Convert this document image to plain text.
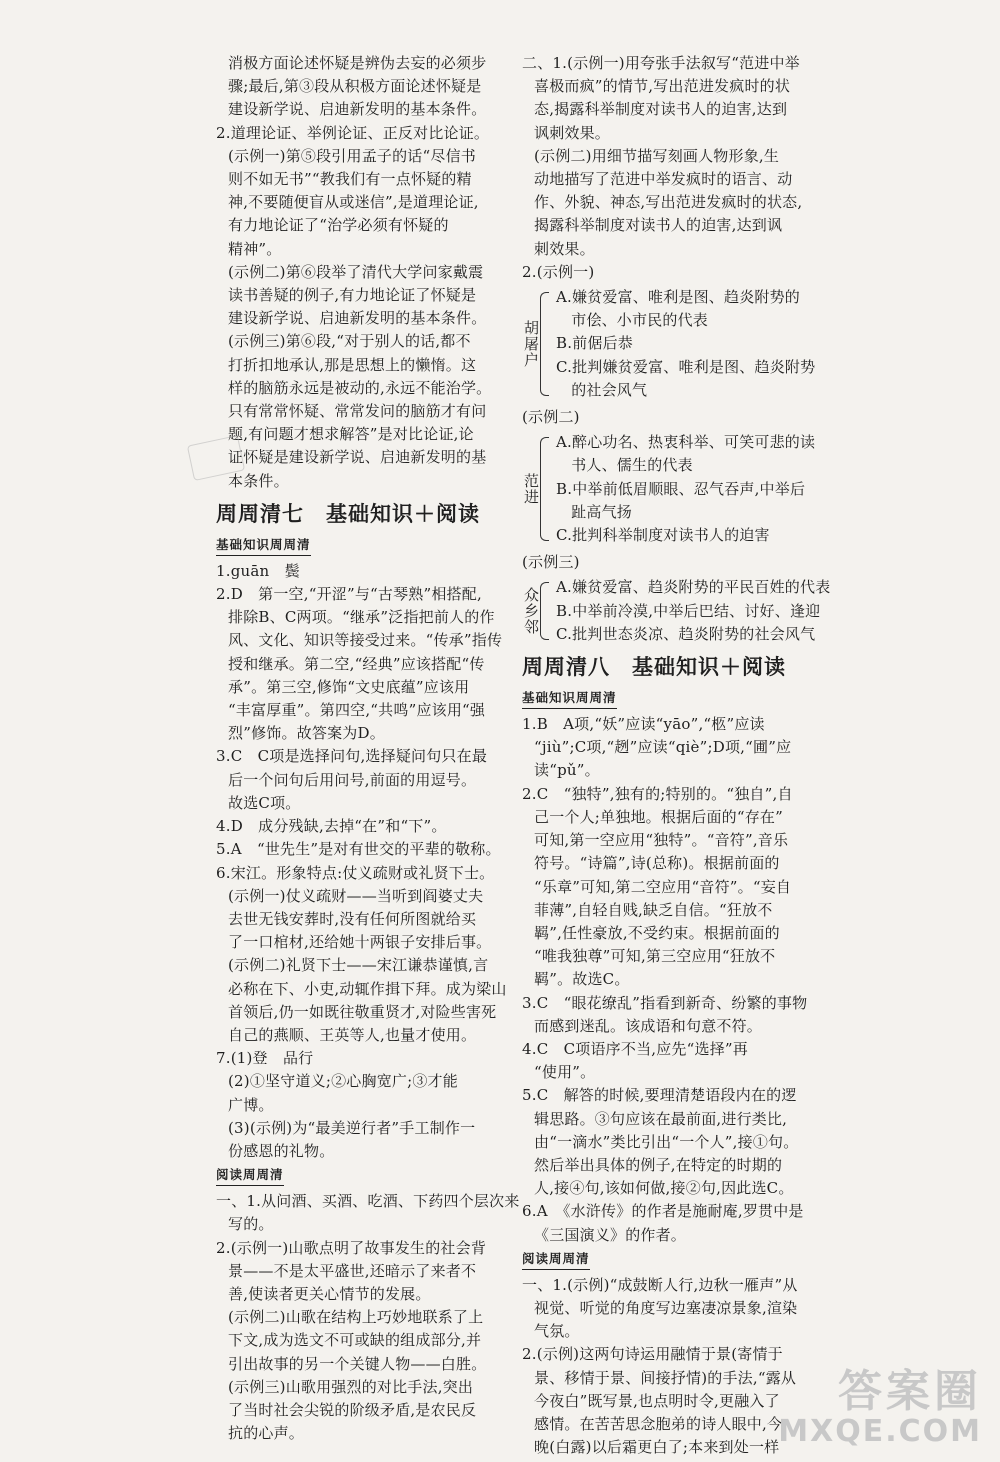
消极方面论述怀疑是辨伪去妄的必须步
骤;最后,第③段从积极方面论述怀疑是
建设新学说、启迪新发明的基本条件。
2.道理论证、举例论证、正反对比论证。
(示例一)第⑤段引用孟子的话“尽信书
则不如无书”“教我们有一点怀疑的精
神,不要随便盲从或迷信”,是道理论证,
有力地论证了“治学必须有怀疑的
精神”。
(示例二)第⑥段举了清代大学问家戴震
读书善疑的例子,有力地论证了怀疑是
建设新学说、启迪新发明的基本条件。
(示例三)第⑥段,“对于别人的话,都不
打折扣地承认,那是思想上的懒惰。这
样的脑筋永远是被动的,永远不能治学。
只有常常怀疑、常常发问的脑筋才有问
题,有问题才想求解答”是对比论证,论
证怀疑是建设新学说、启迪新发明的基
本条件。
周周清七　基础知识＋阅读
基础知识周周清
1.guān　鬓
2.D　第一空,“开涩”与“古琴熟”相搭配,
排除B、C两项。“继承”泛指把前人的作
风、文化、知识等接受过来。“传承”指传
授和继承。第二空,“经典”应该搭配“传
承”。第三空,修饰“文史底蕴”应该用
“丰富厚重”。第四空,“共鸣”应该用“强
烈”修饰。故答案为D。
3.C　C项是选择问句,选择疑问句只在最
后一个问句后用问号,前面的用逗号。
故选C项。
4.D　成分残缺,去掉“在”和“下”。
5.A　“世先生”是对有世交的平辈的敬称。
6.宋江。形象特点:仗义疏财或礼贤下士。
(示例一)仗义疏财——当听到阎婆丈夫
去世无钱安葬时,没有任何所图就给买
了一口棺材,还给她十两银子安排后事。
(示例二)礼贤下士——宋江谦恭谨慎,言
必称在下、小吏,动辄作揖下拜。成为梁山
首领后,仍一如既往敬重贤才,对险些害死
自己的燕顺、王英等人,也量才使用。
7.(1)登　品行
(2)①坚守道义;②心胸宽广;③才能
广博。
(3)(示例)为“最美逆行者”手工制作一
份感恩的礼物。
阅读周周清
一、1.从问酒、买酒、吃酒、下药四个层次来
写的。
2.(示例一)山歌点明了故事发生的社会背
景——不是太平盛世,还暗示了来者不
善,使读者更关心情节的发展。
(示例二)山歌在结构上巧妙地联系了上
下文,成为选文不可或缺的组成部分,并
引出故事的另一个关键人物——白胜。
(示例三)山歌用强烈的对比手法,突出
了当时社会尖锐的阶级矛盾,是农民反
抗的心声。
二、1.(示例一)用夸张手法叙写“范进中举
喜极而疯”的情节,写出范进发疯时的状
态,揭露科举制度对读书人的迫害,达到
讽刺效果。
(示例二)用细节描写刻画人物形象,生
动地描写了范进中举发疯时的语言、动
作、外貌、神态,写出范进发疯时的状态,
揭露科举制度对读书人的迫害,达到讽
刺效果。
2.(示例一)
胡屠户
A.嫌贫爱富、唯利是图、趋炎附势的
　市侩、小市民的代表
B.前倨后恭
C.批判嫌贫爱富、唯利是图、趋炎附势
　的社会风气
(示例二)
范进
A.醉心功名、热衷科举、可笑可悲的读
　书人、儒生的代表
B.中举前低眉顺眼、忍气吞声,中举后
　趾高气扬
C.批判科举制度对读书人的迫害
(示例三)
众乡邻 A.嫌贫爱富、趋炎附势的平民百姓的代表
B.中举前冷漠,中举后巴结、讨好、逢迎
C.批判世态炎凉、趋炎附势的社会风气
周周清八　基础知识＋阅读
基础知识周周清
1.B　A项,“妖”应读“yāo”,“柩”应读
“jiù”;C项,“趔”应读“qiè”;D项,“圃”应
读“pǔ”。
2.C　“独特”,独有的;特别的。“独自”,自
己一个人;单独地。根据后面的“存在”
可知,第一空应用“独特”。“音符”,音乐
符号。“诗篇”,诗(总称)。根据前面的
“乐章”可知,第二空应用“音符”。“妄自
菲薄”,自轻自贱,缺乏自信。“狂放不
羁”,任性豪放,不受约束。根据前面的
“唯我独尊”可知,第三空应用“狂放不
羁”。故选C。
3.C　“眼花缭乱”指看到新奇、纷繁的事物
而感到迷乱。该成语和句意不符。
4.C　C项语序不当,应先“选择”再
“使用”。
5.C　解答的时候,要理清楚语段内在的逻
辑思路。③句应该在最前面,进行类比,
由“一滴水”类比引出“一个人”,接①句。
然后举出具体的例子,在特定的时期的
人,接④句,该如何做,接②句,因此选C。
6.A　《水浒传》的作者是施耐庵,罗贯中是
《三国演义》的作者。
阅读周周清
一、1.(示例)“成鼓断人行,边秋一雁声”从
视觉、听觉的角度写边塞凄凉景象,渲染
气氛。
2.(示例)这两句诗运用融情于景(寄情于
景、移情于景、间接抒情)的手法,“露从
今夜白”既写景,也点明时令,更融入了
感情。在苦苦思念胞弟的诗人眼中,今
晚(白露)以后霜更白了;本来到处一样
答案圈
MXQE.COM
